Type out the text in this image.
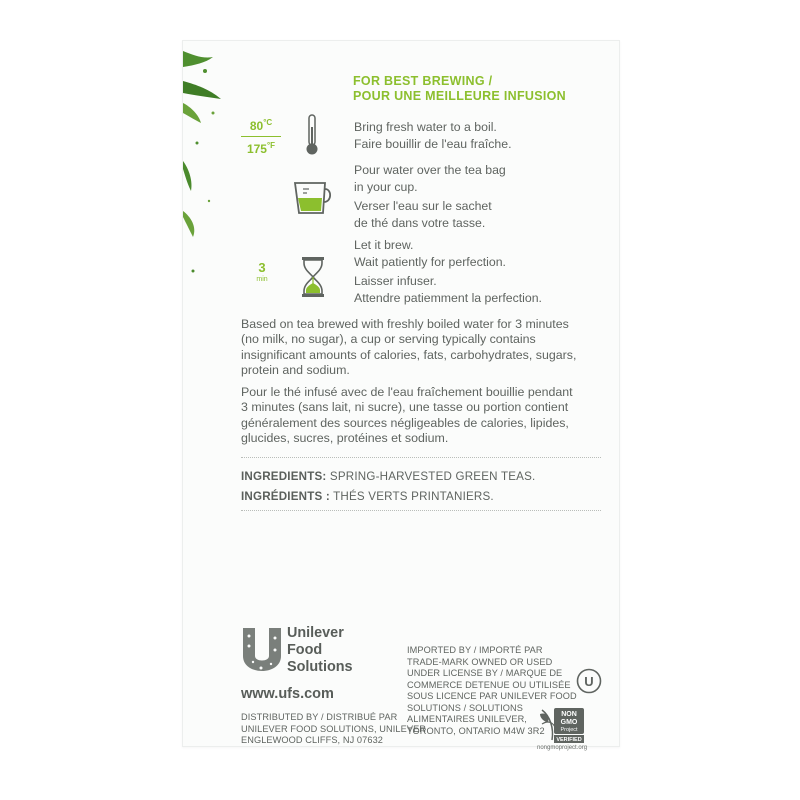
FOR BEST BREWING /
POUR UNE MEILLEURE INFUSION
$80^{^\circ C}$
$175^{^\circ F}$
Bring fresh water to a boil.
Faire bouillir de l'eau fraîche.
Pour water over the tea bag
in your cup.
Verser l'eau sur le sachet
de thé dans votre tasse.
3
min
Let it brew.
Wait patiently for perfection.
Laisser infuser.
Attendre patiemment la perfection.
Based on tea brewed with freshly boiled water for 3 minutes
(no milk, no sugar), a cup or serving typically contains
insignificant amounts of calories, fats, carbohydrates, sugars,
protein and sodium.
Pour le thé infusé avec de l'eau fraîchement bouillie pendant
3 minutes (sans lait, ni sucre), une tasse ou portion contient
généralement des sources négligeables de calories, lipides,
glucides, sucres, protéines et sodium.
INGREDIENTS: SPRING-HARVESTED GREEN TEAS.
INGRÉDIENTS : THÉS VERTS PRINTANIERS.
Unilever
Food
Solutions
www.ufs.com
DISTRIBUTED BY / DISTRIBUÉ PAR
UNILEVER FOOD SOLUTIONS, UNILEVER
ENGLEWOOD CLIFFS, NJ 07632
IMPORTED BY / IMPORTÉ PAR
TRADE-MARK OWNED OR USED
UNDER LICENSE BY / MARQUE DE
COMMERCE DETENUE OU UTILISÉE
SOUS LICENCE PAR UNILEVER FOOD
SOLUTIONS / SOLUTIONS
ALIMENTAIRES UNILEVER,
TORONTO, ONTARIO M4W 3R2
U
NON
GMO
Project
VERIFIED
nongmoproject.org
